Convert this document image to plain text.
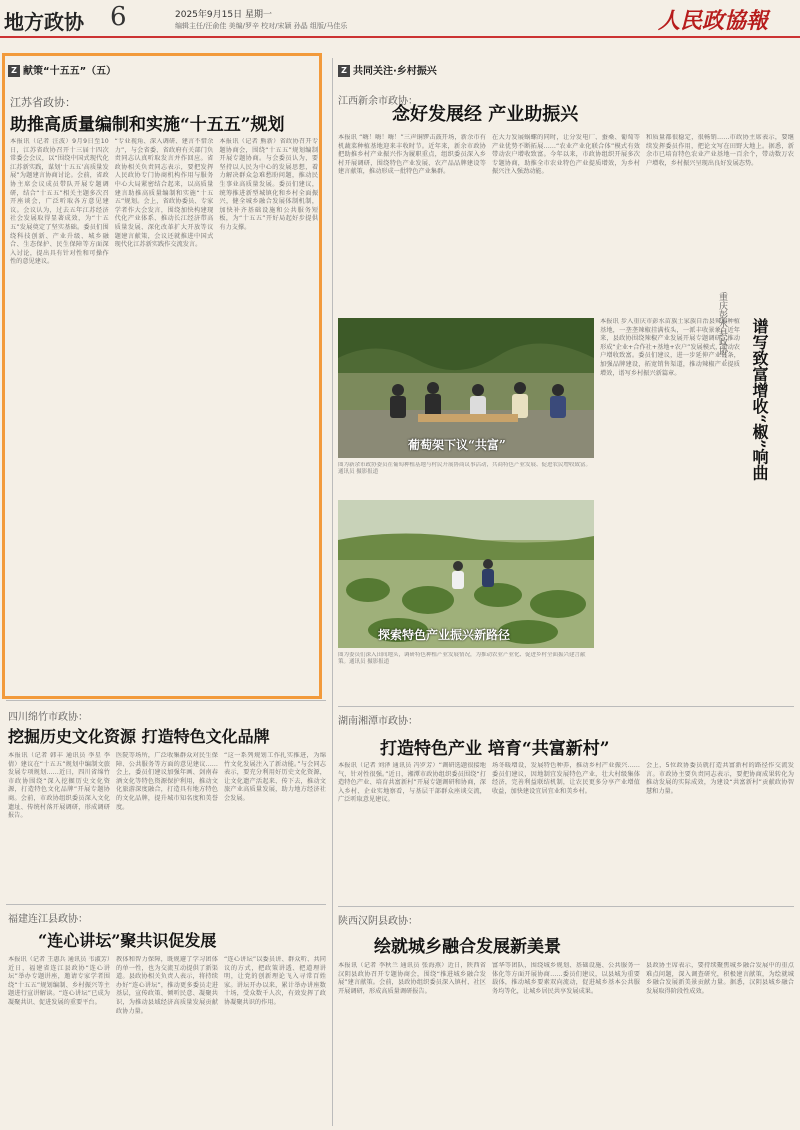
地方政协 6	2025年9月15日 星期一
编辑主任/汪俞佳 美编/罗辛 校对/宋颖 孙晶 组版/马佳乐	人民政協報
Z 献策“十五五”（五）
江苏省政协：
助推高质量编制和实施“十五五”规划
本报讯（记者 汪波）9月9日至10日，江苏省政协召开十三届十四次常委会会议，以“围绕中国式现代化江苏新实践，谋划‘十五五’高质量发展”为题建言协商讨论。会前，省政协主席会议成员带队开展专题调研，结合“十五五”相关主题多次召开座谈会，广泛听取各方意见建议。会议认为，过去五年江苏经济社会发展取得显著成效，为“十五五”发展奠定了坚实基础。委员们围绕科技创新、产业升级、城乡融合、生态保护、民生保障等方面深入讨论，提出具有针对性和可操作性的意见建议。
“专业视角、深入调研、建言不惜余力”，与会省委、省政府有关部门负责同志认真听取发言并作回应。省政协相关负责同志表示，要把发挥人民政协专门协商机构作用与服务中心大局紧密结合起来，以高质量建言助推高质量编制和实施“十五五”规划。会上，省政协委员、专家学者作大会发言，围绕加快构建现代化产业体系、推动长江经济带高质量发展、深化改革扩大开放等议题建言献策，会议还就推进中国式现代化江苏新实践作交流发言。
本报讯（记者 熊新）省政协召开专题协商会，围绕“十五五”规划编制开展专题协商。与会委员认为，要坚持以人民为中心的发展思想，着力解决群众急难愁盼问题，推动民生事业高质量发展。委员们建议，统筹推进新型城镇化和乡村全面振兴，健全城乡融合发展体制机制，加快补齐基础设施和公共服务短板，为“十五五”开好局起好步提供有力支撑。
四川绵竹市政协：
挖掘历史文化资源 打造特色文化品牌
本报讯（记者 韩丰 通讯员 李星 李倩）建议在“十五五”规划中编制文旅发展专项规划……近日，四川省绵竹市政协围绕“深入挖掘历史文化资源，打造特色文化品牌”开展专题协商。会前，市政协组织委员深入文化遗址、传统村落开展调研，形成调研报告。
医院等场所，广泛收集群众对民生保障、公共服务等方面的意见建议……会上，委员们建议加强年画、剑南春酒文化等特色资源保护利用，推动文化旅游深度融合，打造具有地方特色的文化品牌，提升城市知名度和美誉度。
“这一系列规划工作扎实推进，为绵竹文化发展注入了新动能。”与会同志表示，要充分利用好历史文化资源，让文化遗产活起来、传下去，推动文旅产业高质量发展，助力地方经济社会发展。
福建连江县政协：
“连心讲坛”聚共识促发展
本报讯（记者 王惠兵 通讯员 韦淑芳）近日，福建省连江县政协“连心讲坛”举办专题讲座，邀请专家学者围绕“十五五”规划编制、乡村振兴等主题进行宣讲解读。“连心讲坛”已成为凝聚共识、促进发展的重要平台。
教体和智力保障，既规避了学习团体的单一性，也为交流互动提供了新渠道。县政协相关负责人表示，将持续办好“连心讲坛”，推动更多委员走进基层，宣传政策、倾听民意、凝聚共识，为推动县域经济高质量发展贡献政协力量。
“连心讲坛”以委员讲、群众听、共同议的方式，把政策讲透、把道理讲明，让党的创新理论飞入寻常百姓家。讲坛开办以来，累计举办讲座数十场，受众数千人次，有效发挥了政协凝聚共识的作用。
Z 共同关注·乡村振兴
江西新余市政协：
念好发展经 产业助振兴
本报讯 “嗨！嗨！嗨！”三声铜锣击鼓开场，新余市有机蔬菜种植基地迎来丰收时节。近年来，新余市政协把助推乡村产业振兴作为履职重点，组织委员深入乡村开展调研，围绕特色产业发展、农产品品牌建设等建言献策，推动形成一批特色产业集群。
在大力发展蜗螺的同时，让分发电厂、蚕桑、葡萄等产业优势不断拓展……“农业产业化联合体”模式有效带动农户增收致富。今年以来，市政协组织开展多次专题协商，助推全市农业特色产业提质增效，为乡村振兴注入强劲动能。
和质量都很稳定，很畅销……市政协主席表示，要继续发挥委员作用，把论文写在田野大地上。据悉，新余市已培育特色农业产业基地一百余个，带动数万农户增收，乡村振兴呈现出良好发展态势。
葡萄架下议“共富”
图为新余市政协委员在葡萄种植基地与村民开展协商议事活动，共商特色产业发展、促进农民增收致富。通讯员 摄影报道
探索特色产业振兴新路径
图为委员们深入田间地头，调研特色种植产业发展情况，为推动农业产业化、促进乡村全面振兴建言献策。通讯员 摄影报道
重庆彭水县政协： 谱写致富增收“椒”响曲
本报讯 步入重庆市彭水苗族土家族自治县辣椒种植基地，一垄垄辣椒挂满枝头，一派丰收景象。近年来，县政协围绕辣椒产业发展开展专题调研，推动形成“企业+合作社+基地+农户”发展模式，带动农户增收致富。委员们建议，进一步延伸产业链条，加强品牌建设，拓宽销售渠道，推动辣椒产业提质增效，谱写乡村振兴新篇章。
湖南湘潭市政协：
打造特色产业 培育“共富新村”
本报讯（记者 刘泽 通讯员 冯罗芳）“调研选题很接地气，针对性很强。”近日，湘潭市政协组织委员围绕“打造特色产业、培育共富新村”开展专题调研和协商，深入乡村、企业实地察看，与基层干部群众座谈交流，广泛听取意见建议。
场冬暖增设，发展特色种养，推动乡村产业振兴……委员们建议，因地制宜发展特色产业，壮大村级集体经济，完善利益联结机制，让农民更多分享产业增值收益，加快建设宜居宜业和美乡村。
会上，5位政协委员就打造共富新村的路径作交流发言。市政协主要负责同志表示，要把协商成果转化为推动发展的实际成效，为建设“共富新村”贡献政协智慧和力量。
陕西汉阴县政协：
绘就城乡融合发展新美景
本报讯（记者 李秋兰 通讯员 张海燕）近日，陕西省汉阴县政协召开专题协商会，围绕“推进城乡融合发展”建言献策。会前，县政协组织委员深入镇村、社区开展调研，形成高质量调研报告。
富华等团队，围绕城乡规划、基础设施、公共服务一体化等方面开展协商……委员们建议，以县城为重要载体，推动城乡要素双向流动，促进城乡基本公共服务均等化，让城乡居民共享发展成果。
县政协主席表示，要持续聚焦城乡融合发展中的重点难点问题，深入调查研究，积极建言献策，为绘就城乡融合发展新美景贡献力量。据悉，汉阴县城乡融合发展取得阶段性成效。
